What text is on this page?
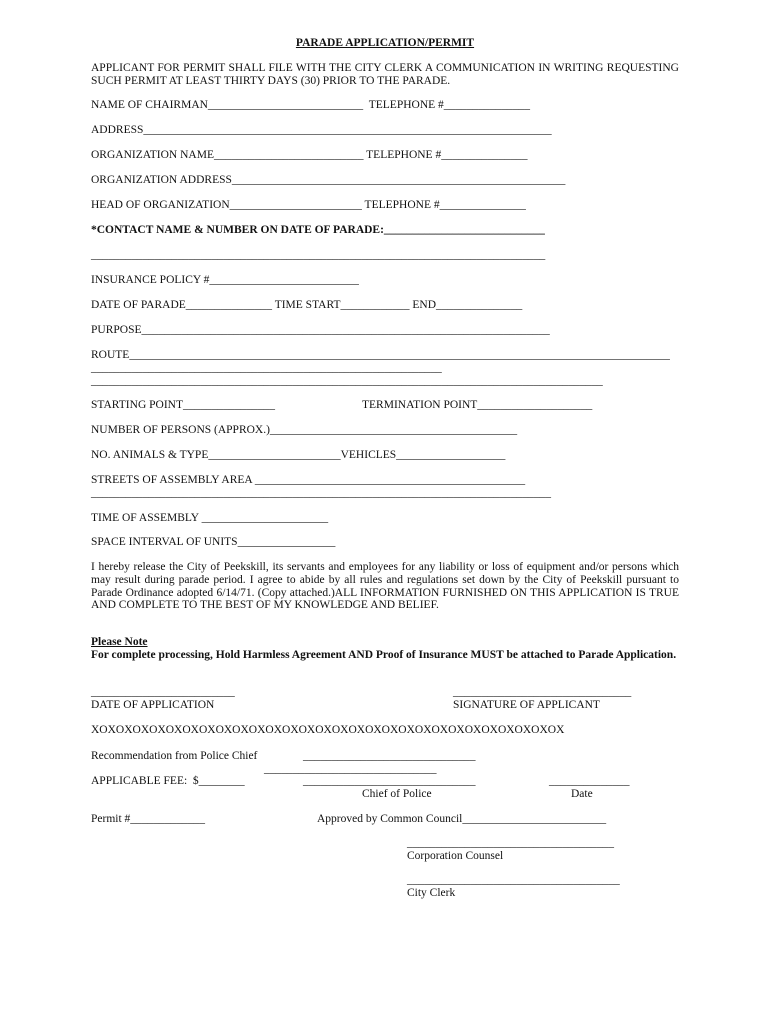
PARADE APPLICATION/PERMIT
APPLICANT FOR PERMIT SHALL FILE WITH THE CITY CLERK A COMMUNICATION IN WRITING REQUESTING SUCH PERMIT AT LEAST THIRTY DAYS (30) PRIOR TO THE PARADE.
NAME OF CHAIRMAN___________________________  TELEPHONE #_______________
ADDRESS_______________________________________________________________________
ORGANIZATION NAME__________________________ TELEPHONE #_______________
ORGANIZATION ADDRESS__________________________________________________________
HEAD OF ORGANIZATION_______________________ TELEPHONE #_______________
*CONTACT NAME & NUMBER ON DATE OF PARADE:____________________________
_______________________________________________________________________________
INSURANCE POLICY #__________________________
DATE OF PARADE_______________ TIME START____________ END_______________
PURPOSE_______________________________________________________________________
ROUTE______________________________________________________________________________________________
_____________________________________________________________
_________________________________________________________________________________________
STARTING POINT________________	TERMINATION POINT____________________
NUMBER OF PERSONS (APPROX.)___________________________________________
NO. ANIMALS & TYPE_______________________VEHICLES___________________
STREETS OF ASSEMBLY AREA _______________________________________________
________________________________________________________________________________
TIME OF ASSEMBLY ______________________
SPACE INTERVAL OF UNITS_________________
I hereby release the City of Peekskill, its servants and employees for any liability or loss of equipment and/or persons which may result during parade period. I agree to abide by all rules and regulations set down by the City of Peekskill pursuant to Parade Ordinance adopted 6/14/71. (Copy attached.)ALL INFORMATION FURNISHED ON THIS APPLICATION IS TRUE AND COMPLETE TO THE BEST OF MY KNOWLEDGE AND BELIEF.
Please Note
For complete processing, Hold Harmless Agreement AND Proof of Insurance MUST be attached to Parade Application.
_________________________
DATE OF APPLICATION
_______________________________
SIGNATURE OF APPLICANT
XOXOXOXOXOXOXOXOXOXOXOXOXOXOXOXOXOXOXOXOXOXOXOXOXOXOXOXOX
Recommendation from Police Chief	______________________________
______________________________
APPLICABLE FEE:  $________	______________________________
Chief of Police
______________
Date
Permit #_____________	Approved by Common Council_________________________
____________________________________
Corporation Counsel
_____________________________________
City Clerk
